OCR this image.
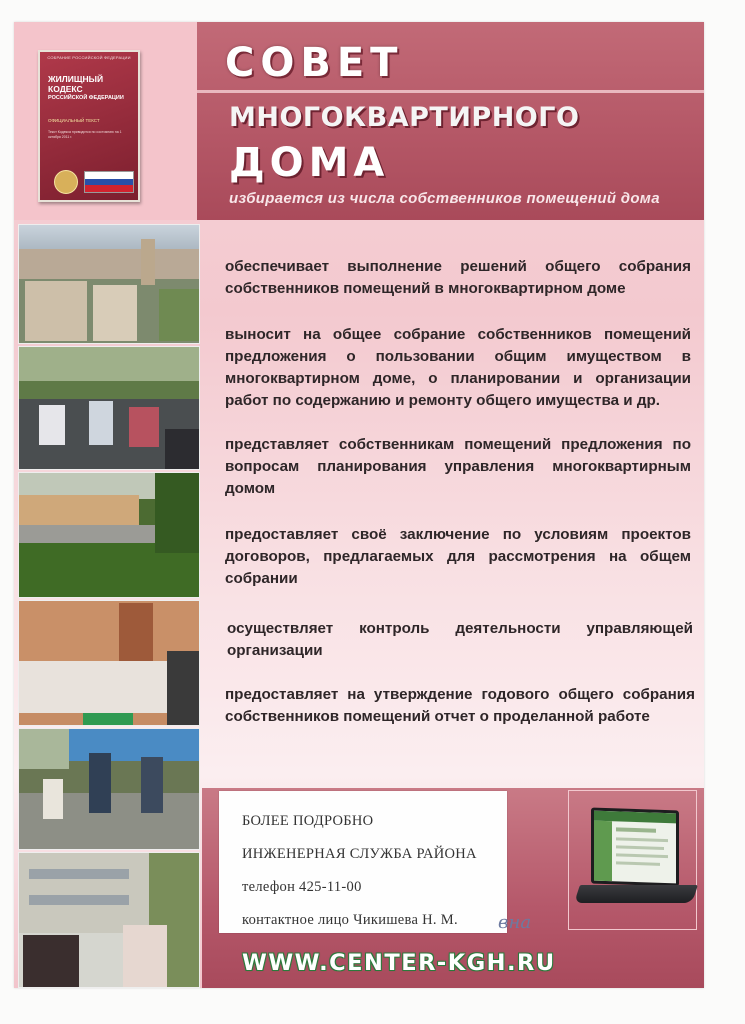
СОБРАНИЕ РОССИЙСКОЙ ФЕДЕРАЦИИ
ЖИЛИЩНЫЙ
КОДЕКС
РОССИЙСКОЙ ФЕДЕРАЦИИ
ОФИЦИАЛЬНЫЙ ТЕКСТ
Текст Кодекса приводится по состоянию на 1 октября 2011 г.
СОВЕТ
МНОГОКВАРТИРНОГО
ДОМА
избирается из числа собственников помещений дома
обеспечивает выполнение решений общего собрания собственников помещений в многоквартирном доме
выносит на общее собрание собственников помещений предложения о пользовании общим имуществом в многоквартирном доме, о планировании и организации работ по содержанию и ремонту общего имущества и др.
представляет собственникам помещений предложения по вопросам планирования управления многоквартирным домом
предоставляет своё заключение по условиям проектов договоров, предлагаемых для рассмотрения на общем собрании
осуществляет контроль деятельности управляющей организации
предоставляет на утверждение годового общего собрания собственников помещений отчет о проделанной работе
БОЛЕЕ ПОДРОБНО
ИНЖЕНЕРНАЯ СЛУЖБА РАЙОНА
телефон 425-11-00
контактное лицо Чикишева Н. М. вна
WWW.CENTER-KGH.RU
